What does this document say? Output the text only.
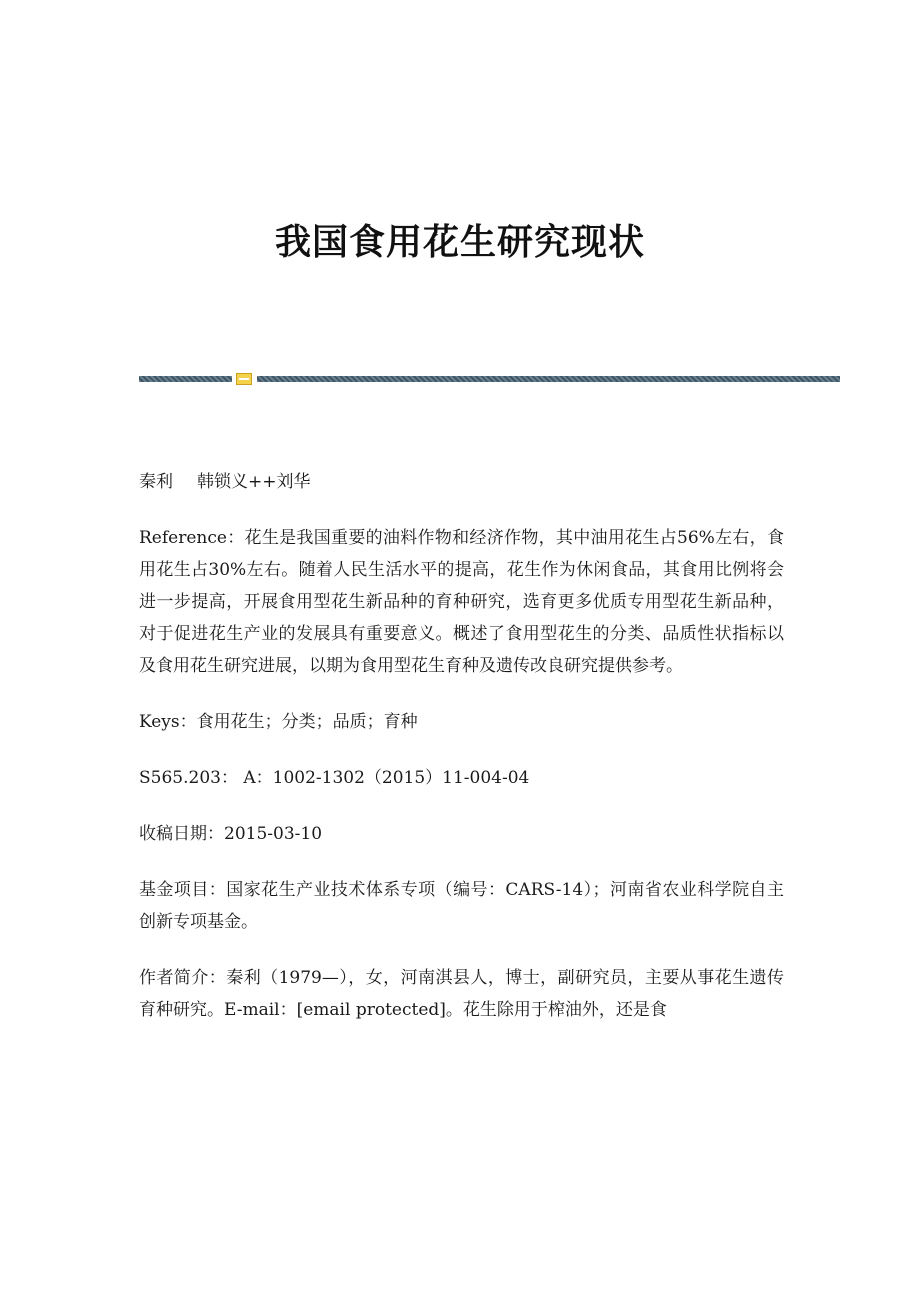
我国食用花生研究现状

秦利 韩锁义++刘华

Reference：花生是我国重要的油料作物和经济作物，其中油用花生占56%左右，食用花生占30%左右。随着人民生活水平的提高，花生作为休闲食品，其食用比例将会进一步提高，开展食用型花生新品种的育种研究，选育更多优质专用型花生新品种，对于促进花生产业的发展具有重要意义。概述了食用型花生的分类、品质性状指标以及食用花生研究进展，以期为食用型花生育种及遗传改良研究提供参考。

Keys：食用花生；分类；品质；育种

S565.203： A：1002-1302（2015）11-004-04

收稿日期：2015-03-10

基金项目：国家花生产业技术体系专项（编号：CARS-14）；河南省农业科学院自主创新专项基金。

作者简介：秦利（1979—），女，河南淇县人，博士，副研究员，主要从事花生遗传育种研究。E-mail：[email protected]。花生除用于榨油外，还是食
